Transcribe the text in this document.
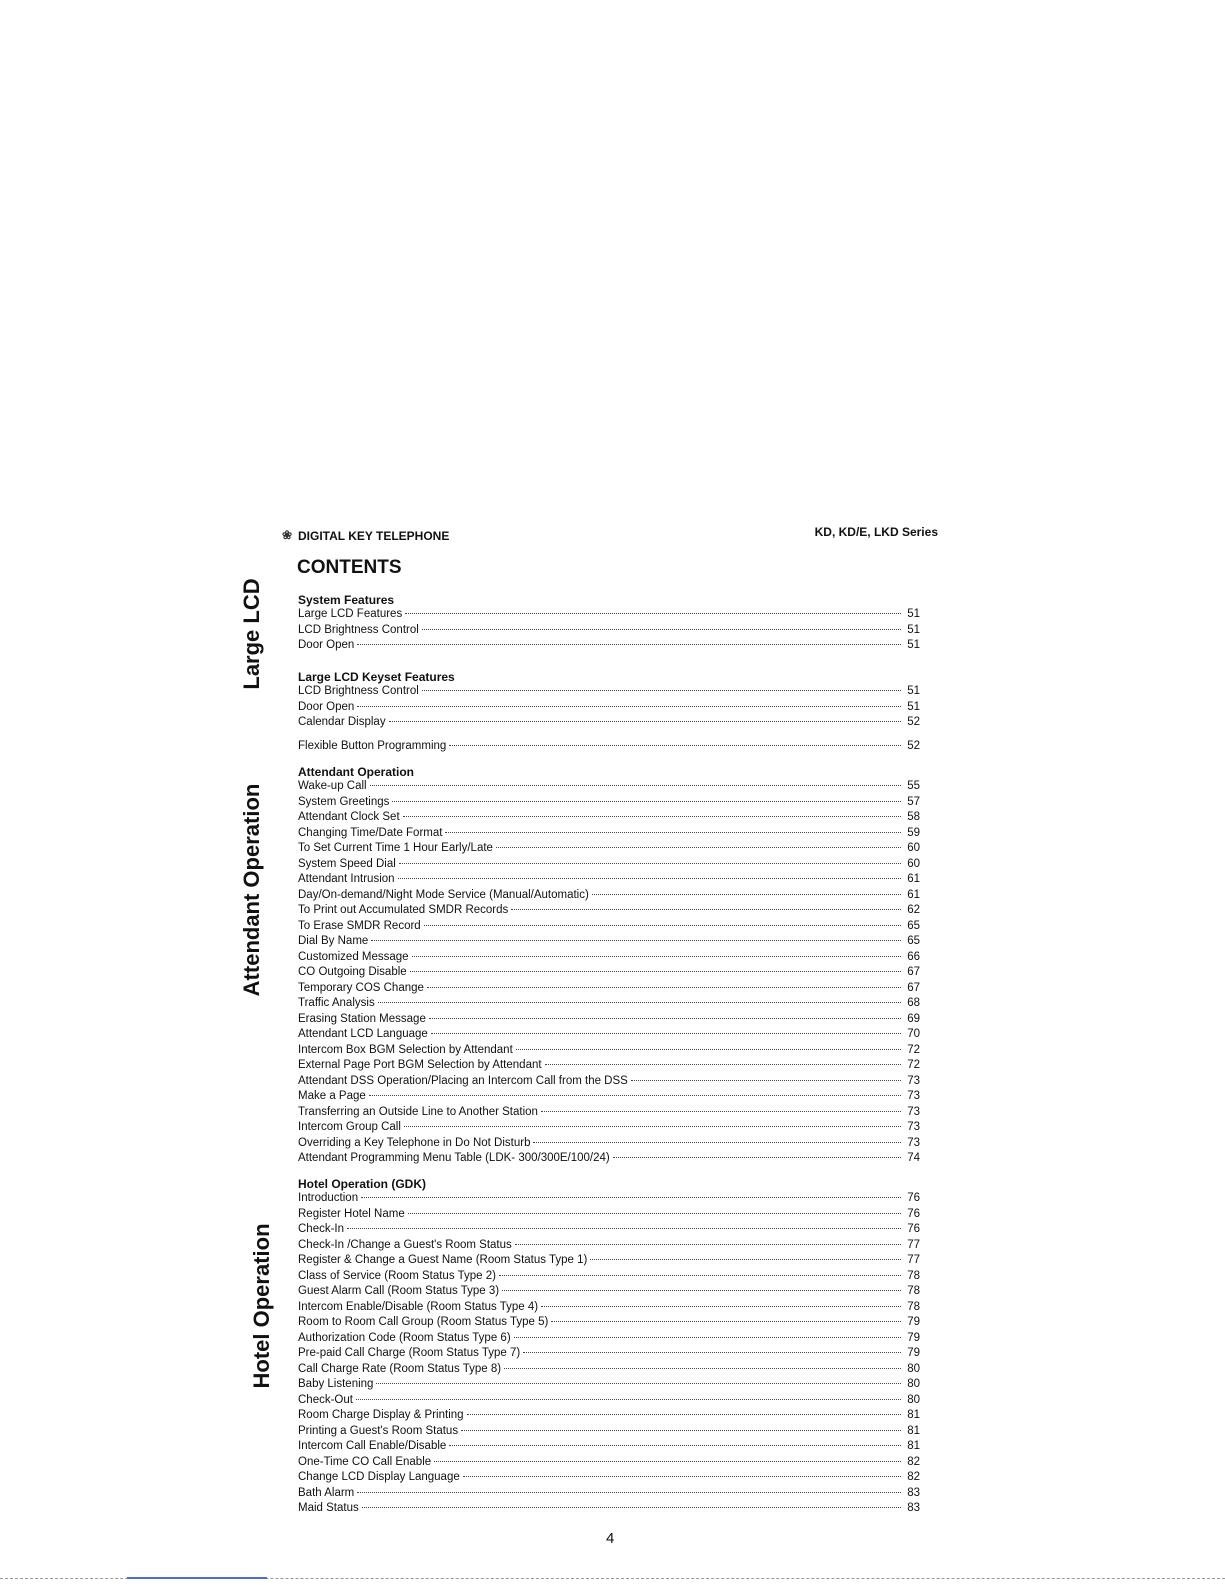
❀ DIGITAL KEY TELEPHONE	KD, KD/E, LKD Series
CONTENTS
Large LCD
Attendant Operation
Hotel Operation
System Features
Large LCD Features	51
LCD Brightness Control	51
Door Open	51
Large LCD Keyset Features
LCD Brightness Control	51
Door Open	51
Calendar Display	52
Flexible Button Programming	52
Attendant Operation
Wake-up Call	55
System Greetings	57
Attendant Clock Set	58
Changing Time/Date Format	59
To Set Current Time 1 Hour Early/Late	60
System Speed Dial	60
Attendant Intrusion	61
Day/On-demand/Night Mode Service (Manual/Automatic)	61
To Print out Accumulated SMDR Records	62
To Erase SMDR Record	65
Dial By Name	65
Customized Message	66
CO Outgoing Disable	67
Temporary COS Change	67
Traffic Analysis	68
Erasing Station Message	69
Attendant LCD Language	70
Intercom Box BGM Selection by Attendant	72
External Page Port BGM Selection by Attendant	72
Attendant DSS Operation/Placing an Intercom Call from the DSS	73
Make a Page	73
Transferring an Outside Line to Another Station	73
Intercom Group Call	73
Overriding a Key Telephone in Do Not Disturb	73
Attendant Programming Menu Table (LDK- 300/300E/100/24)	74
Hotel Operation (GDK)
Introduction	76
Register Hotel Name	76
Check-In	76
Check-In /Change a Guest's Room Status	77
Register & Change a Guest Name (Room Status Type 1)	77
Class of Service (Room Status Type 2)	78
Guest Alarm Call (Room Status Type 3)	78
Intercom Enable/Disable (Room Status Type 4)	78
Room to Room Call Group (Room Status Type 5)	79
Authorization Code (Room Status Type 6)	79
Pre-paid Call Charge (Room Status Type 7)	79
Call Charge Rate (Room Status Type 8)	80
Baby Listening	80
Check-Out	80
Room Charge Display & Printing	81
Printing a Guest's Room Status	81
Intercom Call Enable/Disable	81
One-Time CO Call Enable	82
Change LCD Display Language	82
Bath Alarm	83
Maid Status	83
4
